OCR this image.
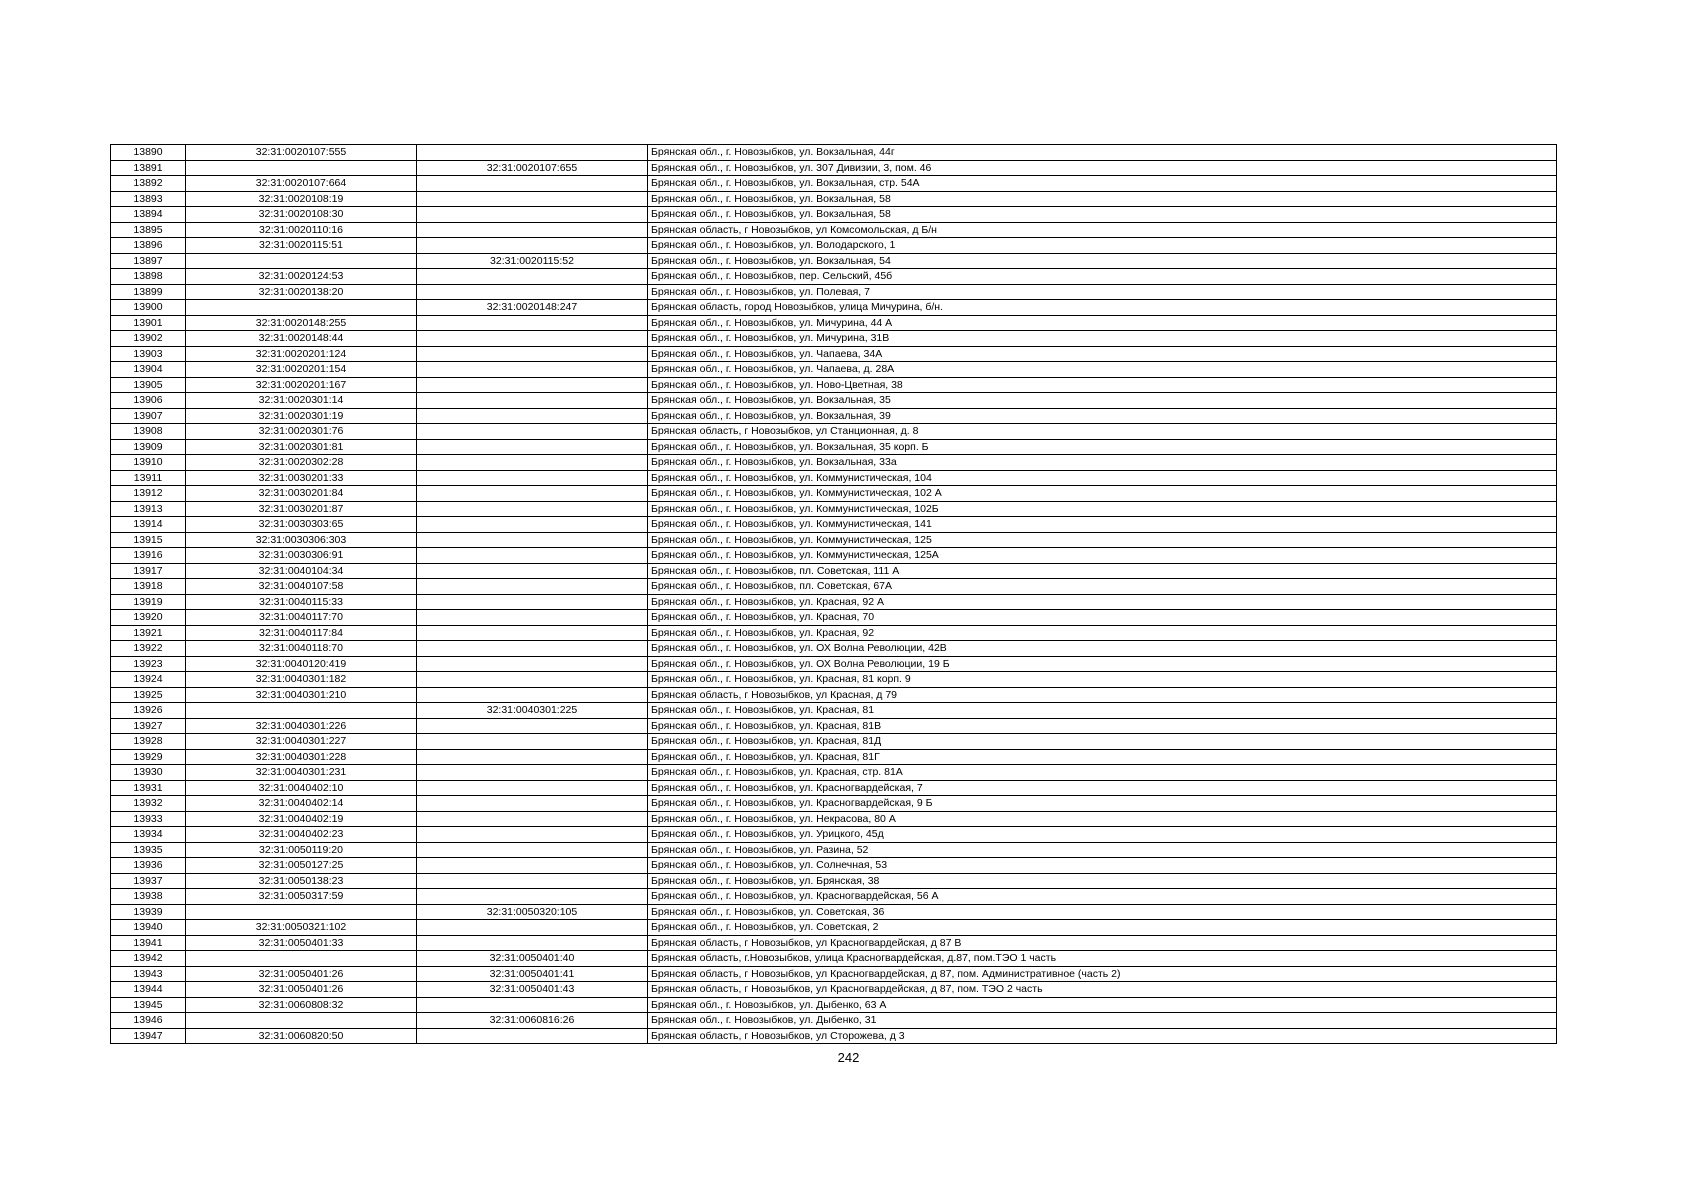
13890	32:31:0020107:555		Брянская обл., г. Новозыбков, ул. Вокзальная, 44г
13891		32:31:0020107:655	Брянская обл., г. Новозыбков, ул. 307 Дивизии, 3, пом. 46
13892	32:31:0020107:664		Брянская обл., г. Новозыбков, ул. Вокзальная, стр. 54А
13893	32:31:0020108:19		Брянская обл., г. Новозыбков, ул. Вокзальная, 58
13894	32:31:0020108:30		Брянская обл., г. Новозыбков, ул. Вокзальная, 58
13895	32:31:0020110:16		Брянская область, г Новозыбков, ул Комсомольская, д Б/н
13896	32:31:0020115:51		Брянская обл., г. Новозыбков, ул. Володарского, 1
13897		32:31:0020115:52	Брянская обл., г. Новозыбков, ул. Вокзальная, 54
13898	32:31:0020124:53		Брянская обл., г. Новозыбков, пер. Сельский, 45б
13899	32:31:0020138:20		Брянская обл., г. Новозыбков, ул. Полевая, 7
13900		32:31:0020148:247	Брянская область, город Новозыбков, улица Мичурина, б/н.
13901	32:31:0020148:255		Брянская обл., г. Новозыбков, ул. Мичурина, 44 А
13902	32:31:0020148:44		Брянская обл., г. Новозыбков, ул. Мичурина, 31В
13903	32:31:0020201:124		Брянская обл., г. Новозыбков, ул. Чапаева, 34А
13904	32:31:0020201:154		Брянская обл., г. Новозыбков, ул. Чапаева, д. 28А
13905	32:31:0020201:167		Брянская обл., г. Новозыбков, ул. Ново-Цветная, 38
13906	32:31:0020301:14		Брянская обл., г. Новозыбков, ул. Вокзальная, 35
13907	32:31:0020301:19		Брянская обл., г. Новозыбков, ул. Вокзальная, 39
13908	32:31:0020301:76		Брянская область, г Новозыбков, ул Станционная, д. 8
13909	32:31:0020301:81		Брянская обл., г. Новозыбков, ул. Вокзальная, 35 корп. Б
13910	32:31:0020302:28		Брянская обл., г. Новозыбков, ул. Вокзальная, 33а
13911	32:31:0030201:33		Брянская обл., г. Новозыбков, ул. Коммунистическая, 104
13912	32:31:0030201:84		Брянская обл., г. Новозыбков, ул. Коммунистическая, 102 А
13913	32:31:0030201:87		Брянская обл., г. Новозыбков, ул. Коммунистическая, 102Б
13914	32:31:0030303:65		Брянская обл., г. Новозыбков, ул. Коммунистическая, 141
13915	32:31:0030306:303		Брянская обл., г. Новозыбков, ул. Коммунистическая, 125
13916	32:31:0030306:91		Брянская обл., г. Новозыбков, ул. Коммунистическая, 125А
13917	32:31:0040104:34		Брянская обл., г. Новозыбков, пл. Советская, 111 А
13918	32:31:0040107:58		Брянская обл., г. Новозыбков, пл. Советская, 67А
13919	32:31:0040115:33		Брянская обл., г. Новозыбков, ул. Красная, 92 А
13920	32:31:0040117:70		Брянская обл., г. Новозыбков, ул. Красная, 70
13921	32:31:0040117:84		Брянская обл., г. Новозыбков, ул. Красная, 92
13922	32:31:0040118:70		Брянская обл., г. Новозыбков, ул. ОХ Волна Революции, 42В
13923	32:31:0040120:419		Брянская обл., г. Новозыбков, ул. ОХ Волна Революции, 19 Б
13924	32:31:0040301:182		Брянская обл., г. Новозыбков, ул. Красная, 81 корп. 9
13925	32:31:0040301:210		Брянская область, г Новозыбков, ул Красная, д 79
13926		32:31:0040301:225	Брянская обл., г. Новозыбков, ул. Красная, 81
13927	32:31:0040301:226		Брянская обл., г. Новозыбков, ул. Красная, 81В
13928	32:31:0040301:227		Брянская обл., г. Новозыбков, ул. Красная, 81Д
13929	32:31:0040301:228		Брянская обл., г. Новозыбков, ул. Красная, 81Г
13930	32:31:0040301:231		Брянская обл., г. Новозыбков, ул. Красная, стр. 81А
13931	32:31:0040402:10		Брянская обл., г. Новозыбков, ул. Красногвардейская, 7
13932	32:31:0040402:14		Брянская обл., г. Новозыбков, ул. Красногвардейская, 9 Б
13933	32:31:0040402:19		Брянская обл., г. Новозыбков, ул. Некрасова, 80 А
13934	32:31:0040402:23		Брянская обл., г. Новозыбков, ул. Урицкого, 45д
13935	32:31:0050119:20		Брянская обл., г. Новозыбков, ул. Разина, 52
13936	32:31:0050127:25		Брянская обл., г. Новозыбков, ул. Солнечная, 53
13937	32:31:0050138:23		Брянская обл., г. Новозыбков, ул. Брянская, 38
13938	32:31:0050317:59		Брянская обл., г. Новозыбков, ул. Красногвардейская, 56 А
13939		32:31:0050320:105	Брянская обл., г. Новозыбков, ул. Советская, 36
13940	32:31:0050321:102		Брянская обл., г. Новозыбков, ул. Советская, 2
13941	32:31:0050401:33		Брянская область, г Новозыбков, ул Красногвардейская, д 87 В
13942		32:31:0050401:40	Брянская область, г.Новозыбков, улица Красногвардейская, д.87, пом.ТЭО 1 часть
13943	32:31:0050401:26	32:31:0050401:41	Брянская область, г Новозыбков, ул Красногвардейская, д 87, пом. Административное (часть 2)
13944	32:31:0050401:26	32:31:0050401:43	Брянская область, г Новозыбков, ул Красногвардейская, д 87, пом. ТЭО 2 часть
13945	32:31:0060808:32		Брянская обл., г. Новозыбков, ул. Дыбенко, 63 А
13946		32:31:0060816:26	Брянская обл., г. Новозыбков, ул. Дыбенко, 31
13947	32:31:0060820:50		Брянская область, г Новозыбков, ул Сторожева, д 3
242
